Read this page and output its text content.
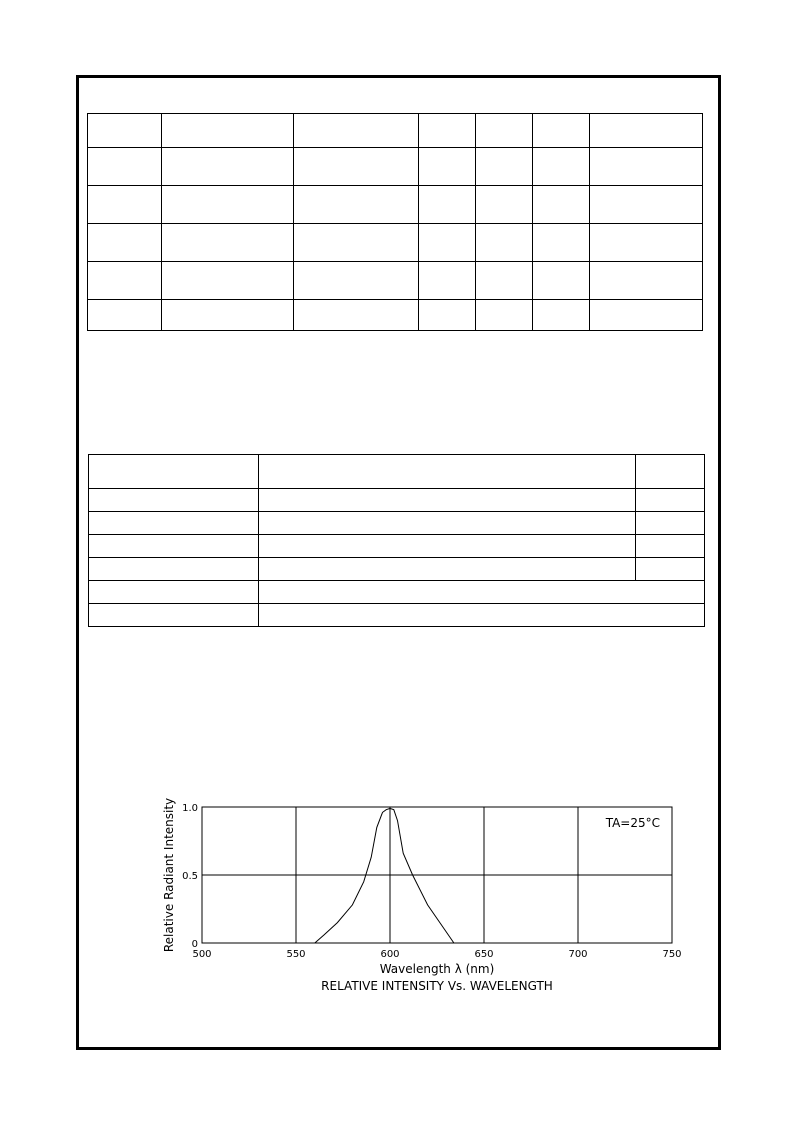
500	550	600	650	700	750
0
0.5
1.0
Relative Radiant Intensity
Wavelength λ (nm)
RELATIVE INTENSITY Vs. WAVELENGTH
TA=25°C
